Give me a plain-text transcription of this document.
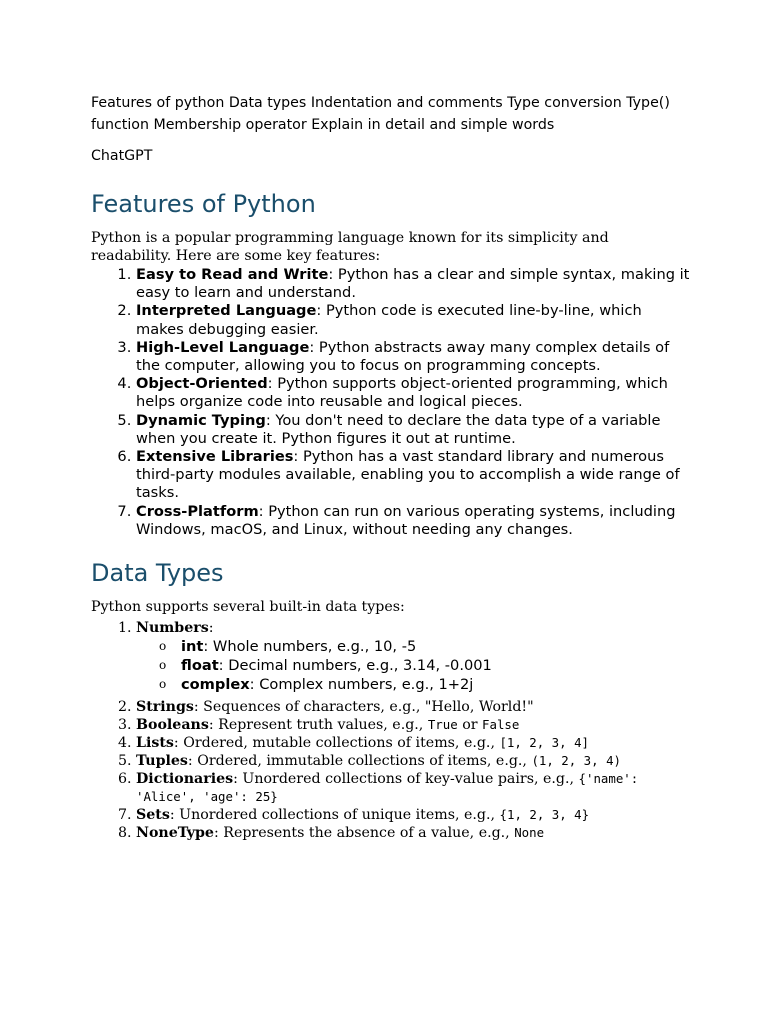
Features of python Data types Indentation and comments Type conversion Type() function Membership operator Explain in detail and simple words

ChatGPT

Features of Python

Python is a popular programming language known for its simplicity and readability. Here are some key features:

1. Easy to Read and Write: Python has a clear and simple syntax, making it easy to learn and understand.
2. Interpreted Language: Python code is executed line-by-line, which makes debugging easier.
3. High-Level Language: Python abstracts away many complex details of the computer, allowing you to focus on programming concepts.
4. Object-Oriented: Python supports object-oriented programming, which helps organize code into reusable and logical pieces.
5. Dynamic Typing: You don't need to declare the data type of a variable when you create it. Python figures it out at runtime.
6. Extensive Libraries: Python has a vast standard library and numerous third-party modules available, enabling you to accomplish a wide range of tasks.
7. Cross-Platform: Python can run on various operating systems, including Windows, macOS, and Linux, without needing any changes.
Data Types

Python supports several built-in data types:

1. Numbers:
o int: Whole numbers, e.g., 10, -5
o float: Decimal numbers, e.g., 3.14, -0.001
o complex: Complex numbers, e.g., 1+2j
2. Strings: Sequences of characters, e.g., "Hello, World!"
3. Booleans: Represent truth values, e.g., True or False
4. Lists: Ordered, mutable collections of items, e.g., [1, 2, 3, 4]
5. Tuples: Ordered, immutable collections of items, e.g., (1, 2, 3, 4)
6. Dictionaries: Unordered collections of key-value pairs, e.g., {'name': 'Alice', 'age': 25}
7. Sets: Unordered collections of unique items, e.g., {1, 2, 3, 4}
8. NoneType: Represents the absence of a value, e.g., None
